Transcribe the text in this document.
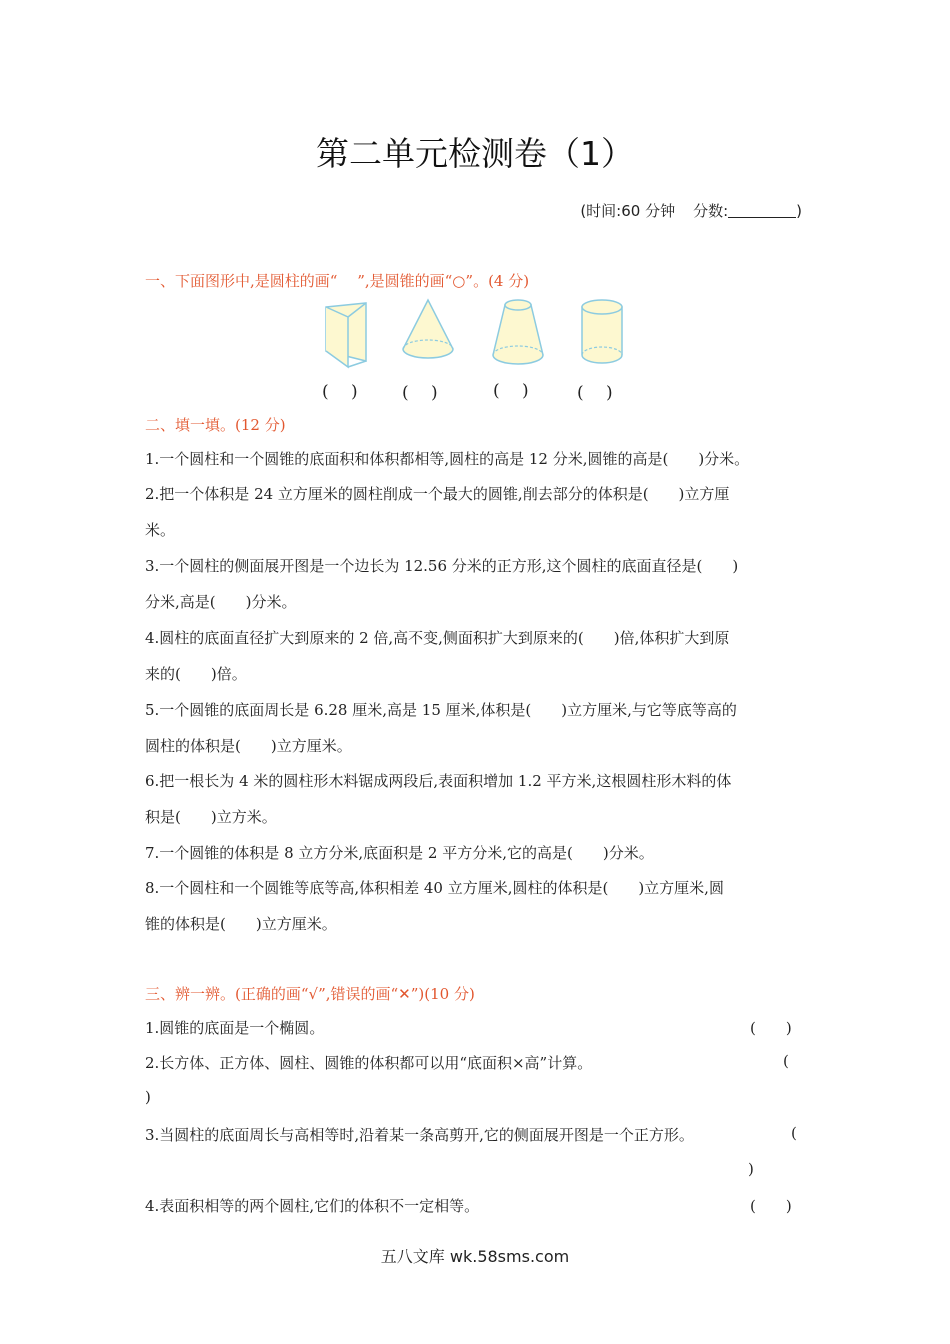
第二单元检测卷（1）
(时间:60 分钟 分数:	)
一、下面图形中,是圆柱的画“　 ”,是圆锥的画“○”。(4 分)
(　 )	(　 )	(　 )	(　 )
二、填一填。(12 分)
1.一个圆柱和一个圆锥的底面积和体积都相等,圆柱的高是 12 分米,圆锥的高是(　　)分米。
2.把一个体积是 24 立方厘米的圆柱削成一个最大的圆锥,削去部分的体积是(　　)立方厘
米。
3.一个圆柱的侧面展开图是一个边长为 12.56 分米的正方形,这个圆柱的底面直径是(　　)
分米,高是(　　)分米。
4.圆柱的底面直径扩大到原来的 2 倍,高不变,侧面积扩大到原来的(　　)倍,体积扩大到原
来的(　　)倍。
5.一个圆锥的底面周长是 6.28 厘米,高是 15 厘米,体积是(　　)立方厘米,与它等底等高的
圆柱的体积是(　　)立方厘米。
6.把一根长为 4 米的圆柱形木料锯成两段后,表面积增加 1.2 平方米,这根圆柱形木料的体
积是(　　)立方米。
7.一个圆锥的体积是 8 立方分米,底面积是 2 平方分米,它的高是(　　)分米。
8.一个圆柱和一个圆锥等底等高,体积相差 40 立方厘米,圆柱的体积是(　　)立方厘米,圆
锥的体积是(　　)立方厘米。
三、辨一辨。(正确的画“√”,错误的画“✕”)(10 分)
1.圆锥的底面是一个椭圆。	(　　)
2.长方体、正方体、圆柱、圆锥的体积都可以用“底面积×高”计算。	(
)
3.当圆柱的底面周长与高相等时,沿着某一条高剪开,它的侧面展开图是一个正方形。	(
)
4.表面积相等的两个圆柱,它们的体积不一定相等。	(　　)
五八文库 wk.58sms.com
